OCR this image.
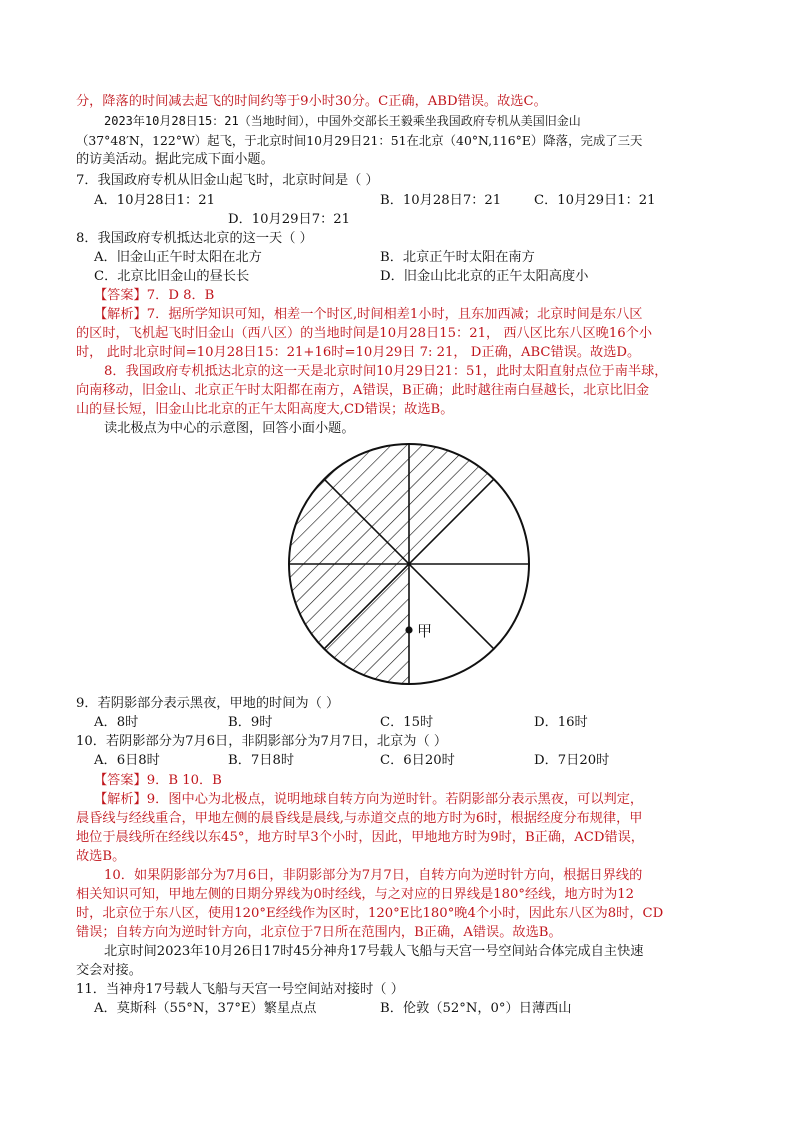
分，降落的时间减去起飞的时间约等于9小时30分。C正确，ABD错误。故选C。
2023年10月28日15：21（当地时间），中国外交部长王毅乘坐我国政府专机从美国旧金山
（37°48′N，122°W）起飞，于北京时间10月29日21：51在北京（40°N,116°E）降落，完成了三天
的访美活动。据此完成下面小题。
7．我国政府专机从旧金山起飞时，北京时间是（ ）
A．10月28日1：21	B．10月28日7：21 C．10月29日1：21
D．10月29日7：21
8．我国政府专机抵达北京的这一天（ ）
A．旧金山正午时太阳在北方	B．北京正午时太阳在南方
C．北京比旧金山的昼长长	D．旧金山比北京的正午太阳高度小
【答案】7．D 8．B
【解析】7．据所学知识可知，相差一个时区,时间相差1小时，且东加西减；北京时间是东八区
的区时，飞机起飞时旧金山（西八区）的当地时间是10月28日15：21， 西八区比东八区晚16个小
时， 此时北京时间=10月28日15：21+16时=10月29日 7: 21， D正确，ABC错误。故选D。
8．我国政府专机抵达北京的这一天是北京时间10月29日21：51，此时太阳直射点位于南半球，
向南移动，旧金山、北京正午时太阳都在南方，A错误，B正确；此时越往南白昼越长，北京比旧金
山的昼长短，旧金山比北京的正午太阳高度大,CD错误；故选B。
读北极点为中心的示意图，回答小面小题。
甲
9．若阴影部分表示黑夜，甲地的时间为（ ）
A．8时	B．9时	C．15时	D．16时
10．若阴影部分为7月6日，非阴影部分为7月7日，北京为（ ）
A．6日8时	B．7日8时	C．6日20时	D．7日20时
【答案】9．B 10．B
【解析】9．图中心为北极点，说明地球自转方向为逆时针。若阴影部分表示黑夜，可以判定，
晨昏线与经线重合，甲地左侧的晨昏线是晨线,与赤道交点的地方时为6时，根据经度分布规律，甲
地位于晨线所在经线以东45°，地方时早3个小时，因此，甲地地方时为9时，B正确，ACD错误，
故选B。
10．如果阴影部分为7月6日，非阴影部分为7月7日，自转方向为逆时针方向，根据日界线的
相关知识可知，甲地左侧的日期分界线为0时经线，与之对应的日界线是180°经线，地方时为12
时，北京位于东八区，使用120°E经线作为区时，120°E比180°晚4个小时，因此东八区为8时，CD
错误；自转方向为逆时针方向，北京位于7日所在范围内，B正确，A错误。故选B。
北京时间2023年10月26日17时45分神舟17号载人飞船与天宫一号空间站合体完成自主快速
交会对接。
11．当神舟17号载人飞船与天宫一号空间站对接时（ ）
A．莫斯科（55°N，37°E）繁星点点	B．伦敦（52°N，0°）日薄西山
